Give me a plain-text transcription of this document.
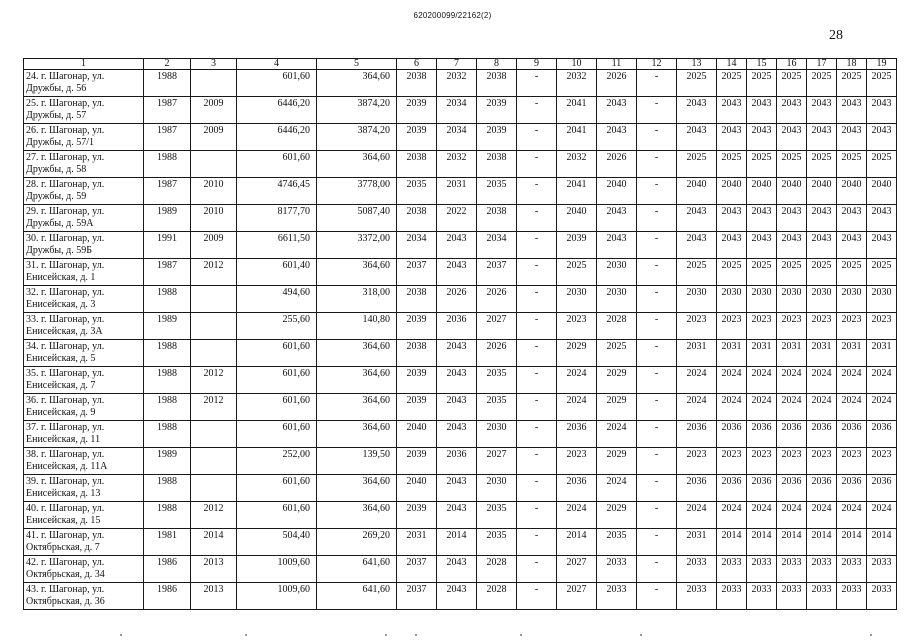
620200099/22162(2)
28
1	2	3	4	5	6	7	8	9	10	11	12	13	14	15	16	17	18	19
24. г. Шагонар, ул. Дружбы, д. 56	1988		601,60	364,60	2038	2032	2038	-	2032	2026	-	2025	2025	2025	2025	2025	2025	2025
25. г. Шагонар, ул. Дружбы, д. 57	1987	2009	6446,20	3874,20	2039	2034	2039	-	2041	2043	-	2043	2043	2043	2043	2043	2043	2043
26. г. Шагонар, ул. Дружбы, д. 57/1	1987	2009	6446,20	3874,20	2039	2034	2039	-	2041	2043	-	2043	2043	2043	2043	2043	2043	2043
27. г. Шагонар, ул. Дружбы, д. 58	1988		601,60	364,60	2038	2032	2038	-	2032	2026	-	2025	2025	2025	2025	2025	2025	2025
28. г. Шагонар, ул. Дружбы, д. 59	1987	2010	4746,45	3778,00	2035	2031	2035	-	2041	2040	-	2040	2040	2040	2040	2040	2040	2040
29. г. Шагонар, ул. Дружбы, д. 59А	1989	2010	8177,70	5087,40	2038	2022	2038	-	2040	2043	-	2043	2043	2043	2043	2043	2043	2043
30. г. Шагонар, ул. Дружбы, д. 59Б	1991	2009	6611,50	3372,00	2034	2043	2034	-	2039	2043	-	2043	2043	2043	2043	2043	2043	2043
31. г. Шагонар, ул. Енисейская, д. 1	1987	2012	601,40	364,60	2037	2043	2037	-	2025	2030	-	2025	2025	2025	2025	2025	2025	2025
32. г. Шагонар, ул. Енисейская, д. 3	1988		494,60	318,00	2038	2026	2026	-	2030	2030	-	2030	2030	2030	2030	2030	2030	2030
33. г. Шагонар, ул. Енисейская, д. 3А	1989		255,60	140,80	2039	2036	2027	-	2023	2028	-	2023	2023	2023	2023	2023	2023	2023
34. г. Шагонар, ул. Енисейская, д. 5	1988		601,60	364,60	2038	2043	2026	-	2029	2025	-	2031	2031	2031	2031	2031	2031	2031
35. г. Шагонар, ул. Енисейская, д. 7	1988	2012	601,60	364,60	2039	2043	2035	-	2024	2029	-	2024	2024	2024	2024	2024	2024	2024
36. г. Шагонар, ул. Енисейская, д. 9	1988	2012	601,60	364,60	2039	2043	2035	-	2024	2029	-	2024	2024	2024	2024	2024	2024	2024
37. г. Шагонар, ул. Енисейская, д. 11	1988		601,60	364,60	2040	2043	2030	-	2036	2024	-	2036	2036	2036	2036	2036	2036	2036
38. г. Шагонар, ул. Енисейская, д. 11А	1989		252,00	139,50	2039	2036	2027	-	2023	2029	-	2023	2023	2023	2023	2023	2023	2023
39. г. Шагонар, ул. Енисейская, д. 13	1988		601,60	364,60	2040	2043	2030	-	2036	2024	-	2036	2036	2036	2036	2036	2036	2036
40. г. Шагонар, ул. Енисейская, д. 15	1988	2012	601,60	364,60	2039	2043	2035	-	2024	2029	-	2024	2024	2024	2024	2024	2024	2024
41. г. Шагонар, ул. Октябрьская, д. 7	1981	2014	504,40	269,20	2031	2014	2035	-	2014	2035	-	2031	2014	2014	2014	2014	2014	2014
42. г. Шагонар, ул. Октябрьская, д. 34	1986	2013	1009,60	641,60	2037	2043	2028	-	2027	2033	-	2033	2033	2033	2033	2033	2033	2033
43. г. Шагонар, ул. Октябрьская, д. 36	1986	2013	1009,60	641,60	2037	2043	2028	-	2027	2033	-	2033	2033	2033	2033	2033	2033	2033
